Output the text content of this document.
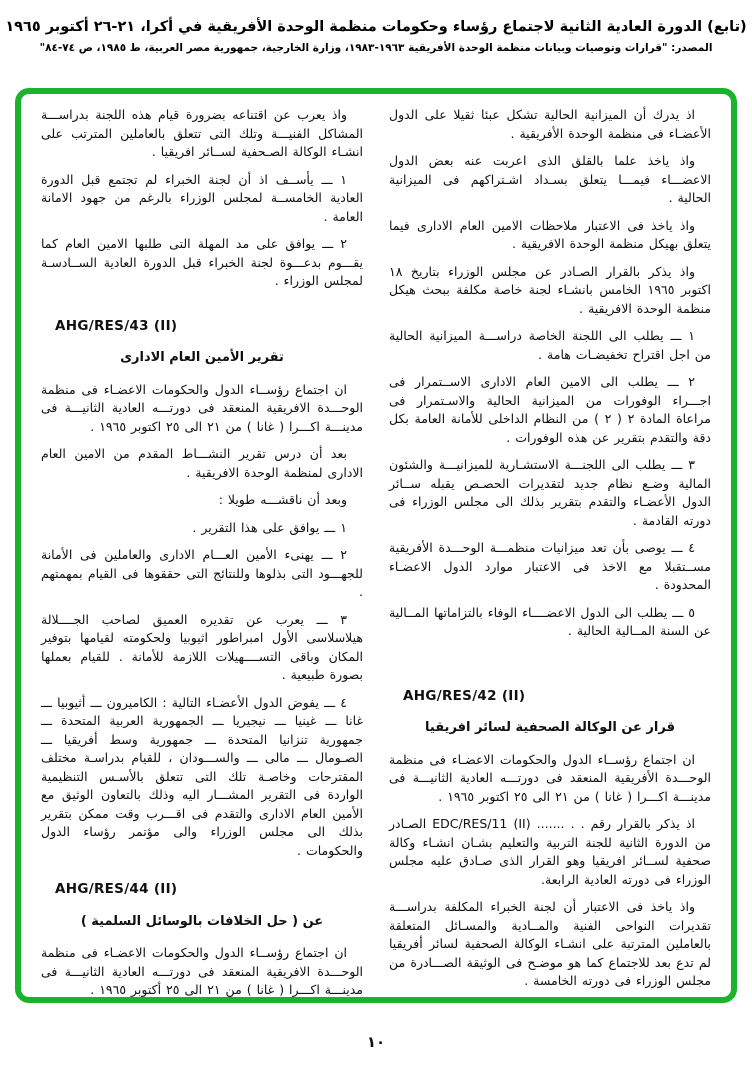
(تابع) الدورة العادية الثانية لاجتماع رؤساء وحكومات منظمة الوحدة الأفريقية في أكرا، ٢١-٢٦ أكتوبر ١٩٦٥
المصدر: "قرارات وتوصيات وبيانات منظمة الوحدة الأفريقية ١٩٦٣-١٩٨٣، وزارة الخارجية، جمهورية مصر العربية، ط ١٩٨٥، ص ٧٤-٨٤"
اذ يدرك أن الميزانية الحالية تشكل عبئا ثقيلا على الدول الأعضـاء فى منظمة الوحدة الأفريقية .
واذ ياخذ علما بالقلق الذى اعربت عنه بعض الدول الاعضـــاء فيمـــا يتعلق بسـداد اشـتراكهم فى الميزانية الحالية .
واذ ياخذ فى الاعتبار ملاحظات الامين العام الادارى فيما يتعلق بهيكل منظمة الوحدة الافريقية .
واذ يذكر بالقرار الصـادر عن مجلس الوزراء بتاريخ ١٨ اكتوبر ١٩٦٥ الخامس بانشـاء لجنة خاصة مكلفة ببحث هيكل منظمة الوحدة الافريقية .
١ ـــ يطلب الى اللجنة الخاصة دراســـة الميزانية الحالية من اجل اقتراح تخفيضـات هامة .
٢ ـــ يطلب الى الامين العام الادارى الاســتمرار فى اجـــراء الوفورات من الميزانية الحالية والاسـتمرار فى مراعاة المادة ٢ ( ٢ ) من النظام الداخلى للأمانة العامة بكل دقة والتقدم بتقرير عن هذه الوفورات .
٣ ـــ يطلب الى اللجنـــة الاستشـارية للميزانيـــة والشئون المالية وضـع نظام جديد لتقديرات الحصـص يقبله ســائر الدول الأعضـاء والتقدم بتقرير بذلك الى مجلس الوزراء فى دورته القادمة .
٤ ـــ يوصى بأن تعد ميزانيات منظمـــة الوحـــدة الأفريقية مســتقبلا مع الاخذ فى الاعتبار موارد الدول الاعضـاء المحدودة .
٥ ـــ يطلب الى الدول الاعضــــاء الوفاء بالتزاماتها المــالية عن السنة المــالية الحالية .
AHG/RES/42 (II)
قرار عن الوكالة الصحفية لسائر افريقيا
ان اجتماع رؤســاء الدول والحكومات الاعضـاء فى منظمة الوحـــدة الأفريقية المنعقد فى دورتـــه العادية الثانيـــة فى مدينـــة اكـــرا ( غانا ) من ٢١ الى ٢٥ اكتوبر ١٩٦٥ .
اذ يذكر بالقرار رقم . . ....... EDC/RES/11 (II) الصـادر من الدورة الثانية للجنة التربية والتعليم بشـان انشـاء وكالة صحفية لســائر افريقيا وهو القرار الذى صـادق عليه مجلس الوزراء فى دورته العادية الرابعة.
واذ ياخذ فى الاعتبار أن لجنة الخبراء المكلفة بدراســـة تقديرات النواحى الفنية والمــادية والمسـائل المتعلقة بالعاملين المترتبة على انشـاء الوكالة الصحفية لسائر أفريقيا لم تدع بعد للاجتماع كما هو موضـح فى الوثيقة الصـــادرة من مجلس الوزراء فى دورته الخامسة .
واذ يعرب عن اقتناعه بضرورة قيام هذه اللجنة بدراســـة المشاكل الفنيـــة وتلك التى تتعلق بالعاملين المترتب على انشـاء الوكالة الصـحفية لســائر افريقيا .
١ ـــ يأســف اذ أن لجنة الخبراء لم تجتمع قبل الدورة العادية الخامســة لمجلس الوزراء بالرغم من جهود الامانة العامة .
٢ ـــ يوافق على مد المهلة التى طلبها الامين العام كما يقـــوم بدعـــوة لجنة الخبراء قبل الدورة العادية الســادسـة لمجلس الوزراء .
AHG/RES/43 (II)
تقرير الأمين العام الادارى
ان اجتماع رؤســاء الدول والحكومات الاعضـاء فى منظمة الوحـــدة الافريقية المنعقد فى دورتـــه العادية الثانيـــة فى مدينـــة اكـــرا ( غانا ) من ٢١ الى ٢٥ اكتوبر ١٩٦٥ .
بعد أن درس تقرير النشـــاط المقدم من الامين العام الادارى لمنظمة الوحدة الافريقية .
وبعد أن ناقشـــه طويلا :
١ ـــ يوافق على هذا التقرير .
٢ ـــ يهنىء الأمين العـــام الادارى والعاملين فى الأمانة للجهـــود التى بذلوها وللنتائج التى حققوها فى القيام بمهمتهم .
٣ ـــ يعرب عن تقديره العميق لصاحب الجــــلالة هيلاسلاسى الأول امبراطور اثيوبيا ولحكومته لقيامها بتوفير المكان وباقى التســــهيلات اللازمة للأمانة . للقيام بعملها بصورة طبيعية .
٤ ـــ يفوض الدول الأعضـاء التالية : الكاميرون ـــ أثيوبيا ـــ غانا ـــ غينيا ـــ نيجيريا ـــ الجمهورية العربية المتحدة ـــ جمهورية تنزانيا المتحدة ـــ جمهورية وسط أفريقيا ـــ الصـومال ـــ مالى ـــ والســـودان ، للقيام بدراسـة مختلف المقترحات وخاصـة تلك التى تتعلق بالأسـس التنظيمية الواردة فى التقرير المشـــار اليه وذلك بالتعاون الوثيق مع الأمين العام الادارى والتقدم فى اقـــرب وقت ممكن بتقرير بذلك الى مجلس الوزراء والى مؤتمر رؤساء الدول والحكومات .
AHG/RES/44 (II)
عن ( حل الخلافات بالوسائل السلمية )
ان اجتماع رؤســاء الدول والحكومات الاعضـاء فى منظمة الوحـــدة الافريقية المنعقد فى دورتـــه العادية الثانيـــة فى مدينـــة اكـــرا ( غانا ) من ٢١ الى ٢٥ أكتوبر ١٩٦٥ .
١٠
